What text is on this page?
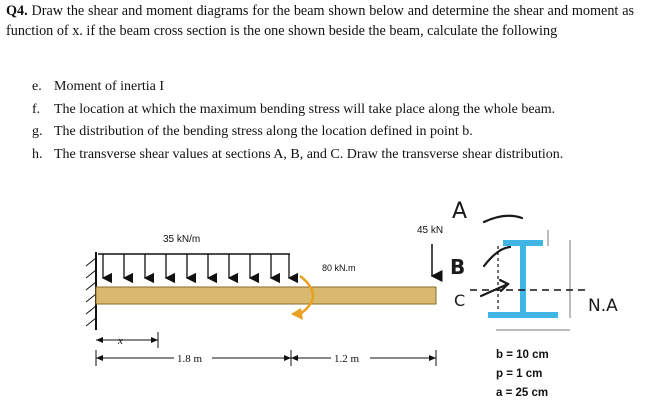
Q4. Draw the shear and moment diagrams for the beam shown below and determine the shear and moment as function of x. if the beam cross section is the one shown beside the beam, calculate the following
e. Moment of inertia I
f. The location at which the maximum bending stress will take place along the whole beam.
g. The distribution of the bending stress along the location defined in point b.
h. The transverse shear values at sections A, B, and C. Draw the transverse shear distribution.
35 kN/m
80 kN.m
45 kN
x
1.8 m	1.2 m
A
B
C	N.A
b = 10 cm
p = 1 cm
a = 25 cm
